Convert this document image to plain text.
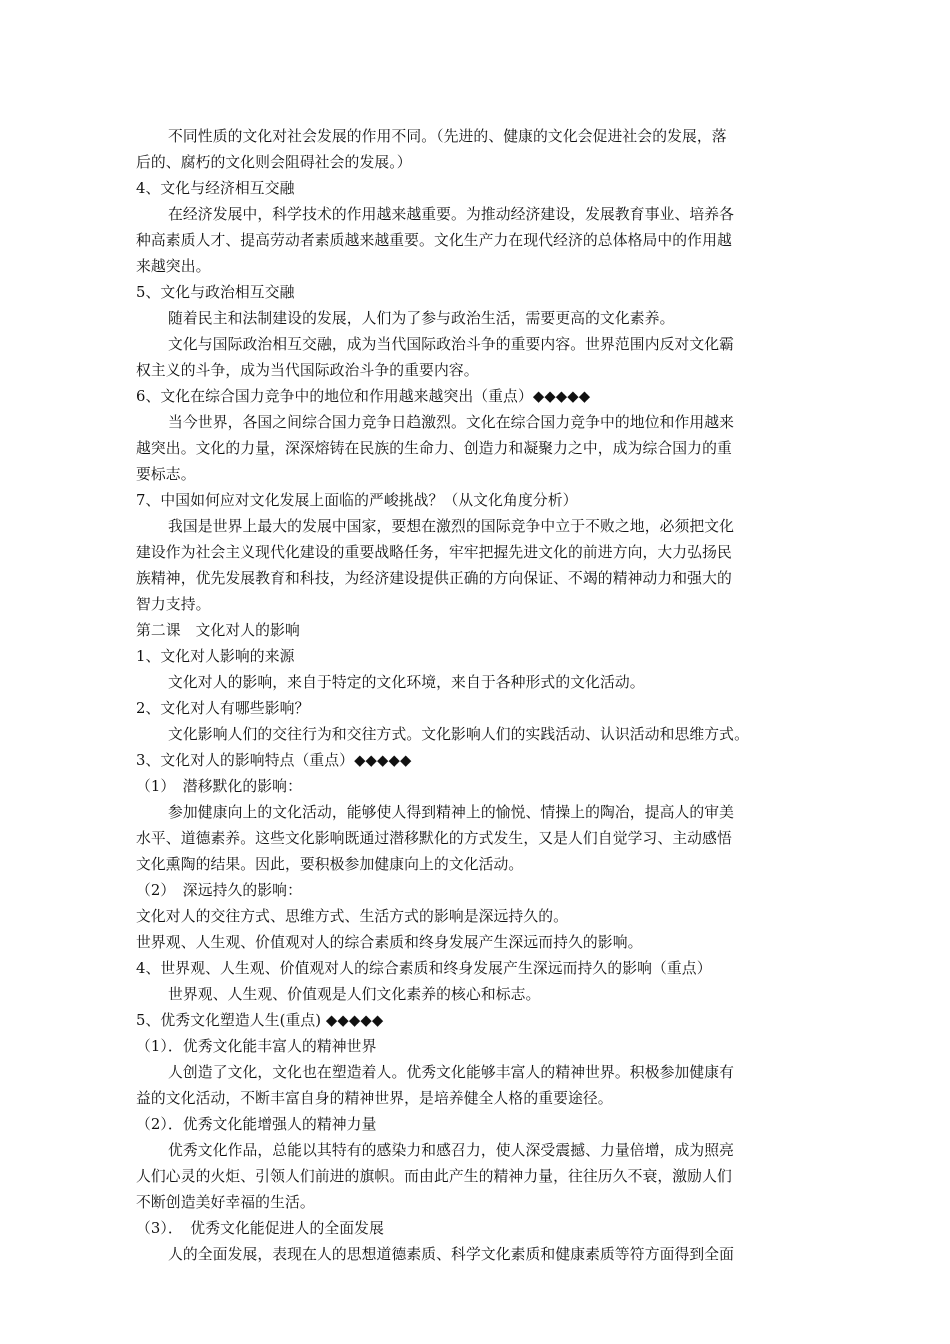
不同性质的文化对社会发展的作用不同。（先进的、健康的文化会促进社会的发展，落
后的、腐朽的文化则会阻碍社会的发展。）
4、文化与经济相互交融
在经济发展中，科学技术的作用越来越重要。为推动经济建设，发展教育事业、培养各
种高素质人才、提高劳动者素质越来越重要。文化生产力在现代经济的总体格局中的作用越
来越突出。
5、文化与政治相互交融
随着民主和法制建设的发展，人们为了参与政治生活，需要更高的文化素养。
文化与国际政治相互交融，成为当代国际政治斗争的重要内容。世界范围内反对文化霸
权主义的斗争，成为当代国际政治斗争的重要内容。
6、文化在综合国力竞争中的地位和作用越来越突出（重点）◆◆◆◆◆
当今世界，各国之间综合国力竞争日趋激烈。文化在综合国力竞争中的地位和作用越来
越突出。文化的力量，深深熔铸在民族的生命力、创造力和凝聚力之中，成为综合国力的重
要标志。
7、中国如何应对文化发展上面临的严峻挑战？（从文化角度分析）
我国是世界上最大的发展中国家，要想在激烈的国际竞争中立于不败之地，必须把文化
建设作为社会主义现代化建设的重要战略任务，牢牢把握先进文化的前进方向，大力弘扬民
族精神，优先发展教育和科技，为经济建设提供正确的方向保证、不竭的精神动力和强大的
智力支持。
第二课　文化对人的影响
1、文化对人影响的来源
文化对人的影响，来自于特定的文化环境，来自于各种形式的文化活动。
2、文化对人有哪些影响？
文化影响人们的交往行为和交往方式。文化影响人们的实践活动、认识活动和思维方式。
3、文化对人的影响特点（重点）◆◆◆◆◆
（1）　潜移默化的影响：
参加健康向上的文化活动，能够使人得到精神上的愉悦、情操上的陶冶，提高人的审美
水平、道德素养。这些文化影响既通过潜移默化的方式发生，又是人们自觉学习、主动感悟
文化熏陶的结果。因此，要积极参加健康向上的文化活动。
（2）　深远持久的影响：
文化对人的交往方式、思维方式、生活方式的影响是深远持久的。
世界观、人生观、价值观对人的综合素质和终身发展产生深远而持久的影响。
4、世界观、人生观、价值观对人的综合素质和终身发展产生深远而持久的影响（重点）
世界观、人生观、价值观是人们文化素养的核心和标志。
5、优秀文化塑造人生(重点) ◆◆◆◆◆
（1）．优秀文化能丰富人的精神世界
人创造了文化，文化也在塑造着人。优秀文化能够丰富人的精神世界。积极参加健康有
益的文化活动，不断丰富自身的精神世界，是培养健全人格的重要途径。
（2）．优秀文化能增强人的精神力量
优秀文化作品，总能以其特有的感染力和感召力，使人深受震撼、力量倍增，成为照亮
人们心灵的火炬、引领人们前进的旗帜。而由此产生的精神力量，往往历久不衰，激励人们
不断创造美好幸福的生活。
（3）．　优秀文化能促进人的全面发展
人的全面发展，表现在人的思想道德素质、科学文化素质和健康素质等符方面得到全面
